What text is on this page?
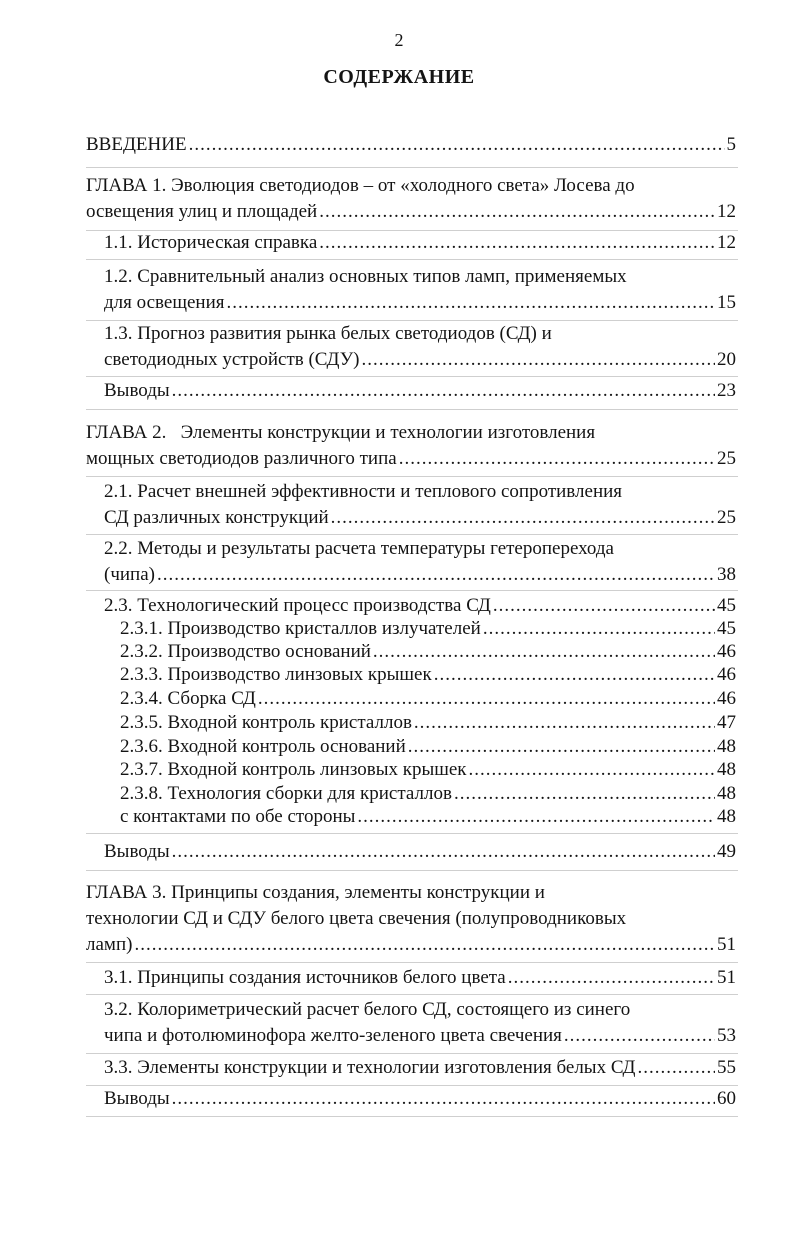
2
СОДЕРЖАНИЕ
ВВЕДЕНИЕ .....	5
ГЛАВА 1. Эволюция светодиодов – от «холодного света» Лосева до
освещения улиц и площадей .....	12
1.1. Историческая справка .....	12
1.2. Сравнительный анализ основных типов ламп, применяемых
для освещения .....	15
1.3. Прогноз развития рынка белых светодиодов (СД) и
светодиодных устройств (СДУ) .....	20
Выводы .....	23
ГЛАВА 2.   Элементы конструкции и технологии изготовления
мощных светодиодов различного типа .....	25
2.1. Расчет внешней эффективности и теплового сопротивления
СД различных конструкций .....	25
2.2. Методы и результаты расчета температуры гетероперехода
(чипа) .....	38
2.3. Технологический процесс производства СД .....	45
2.3.1. Производство кристаллов излучателей .....	45
2.3.2. Производство оснований .....	46
2.3.3. Производство линзовых крышек .....	46
2.3.4. Сборка СД .....	46
2.3.5. Входной контроль кристаллов .....	47
2.3.6. Входной контроль оснований .....	48
2.3.7. Входной контроль линзовых крышек .....	48
2.3.8. Технология сборки для кристаллов .....	48
с контактами по обе стороны .....	48
Выводы .....	49
ГЛАВА 3. Принципы создания, элементы конструкции и
технологии СД и СДУ белого цвета свечения (полупроводниковых
ламп) .....	51
3.1. Принципы создания источников белого цвета .....	51
3.2. Колориметрический расчет белого СД, состоящего из синего
чипа и фотолюминофора желто-зеленого цвета свечения .....	53
3.3. Элементы конструкции и технологии изготовления белых СД .....	55
Выводы .....	60
